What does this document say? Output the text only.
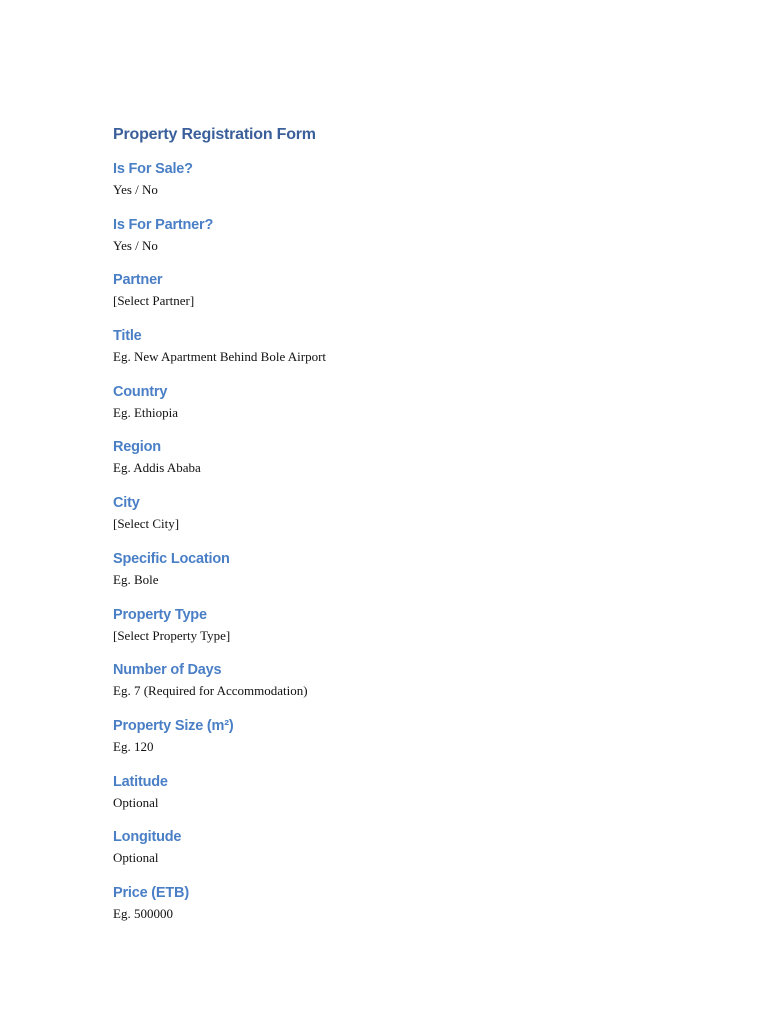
Property Registration Form
Is For Sale?

Yes / No

Is For Partner?

Yes / No

Partner

[Select Partner]

Title

Eg. New Apartment Behind Bole Airport

Country

Eg. Ethiopia

Region

Eg. Addis Ababa

City

[Select City]

Specific Location

Eg. Bole

Property Type

[Select Property Type]

Number of Days

Eg. 7 (Required for Accommodation)

Property Size (m²)

Eg. 120

Latitude

Optional

Longitude

Optional

Price (ETB)

Eg. 500000
